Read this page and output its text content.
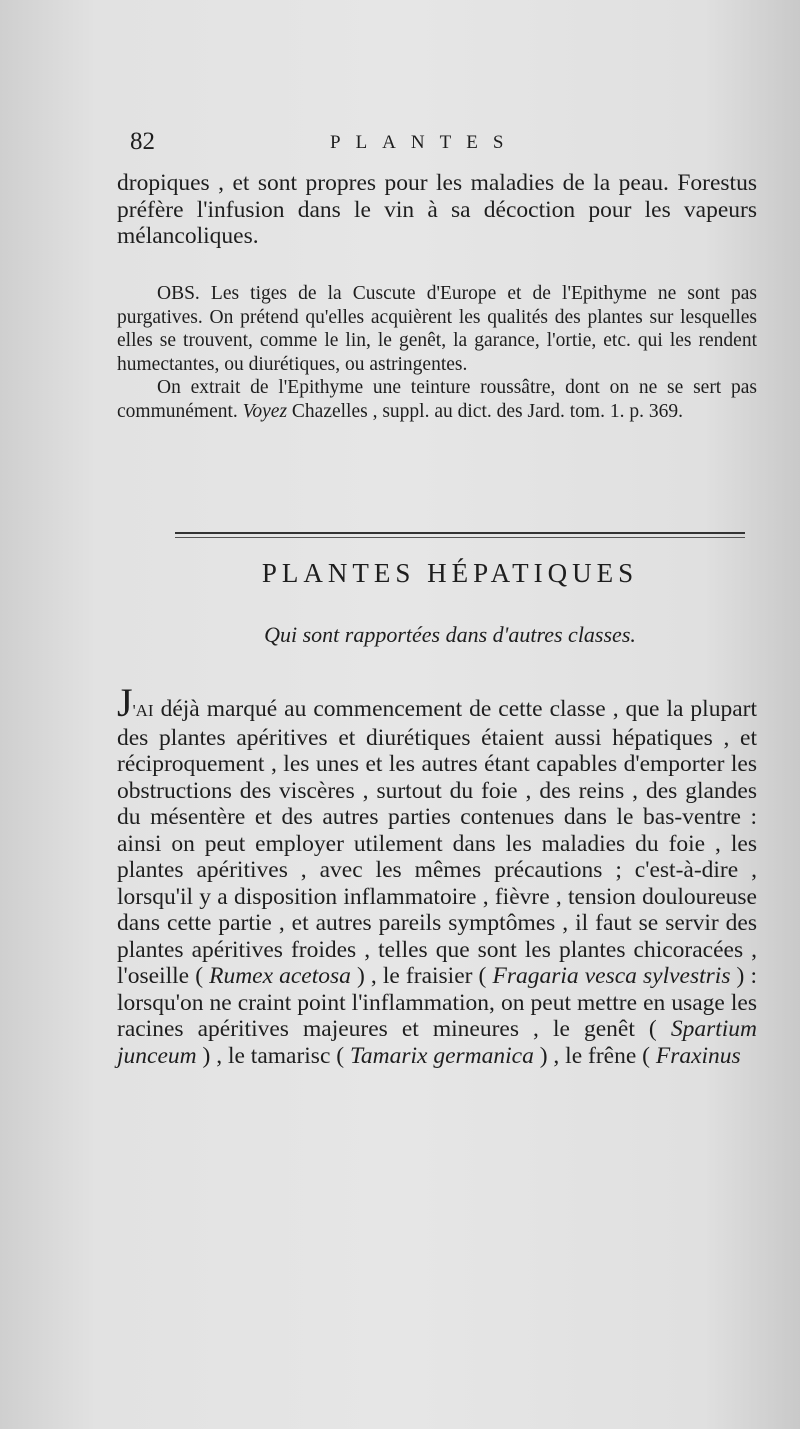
82	PLANTES

dropiques , et sont propres pour les maladies de la peau. Forestus préfère l'infusion dans le vin à sa décoction pour les vapeurs mélancoliques.

OBS. Les tiges de la Cuscute d'Europe et de l'Epithyme ne sont pas purgatives. On prétend qu'elles acquièrent les qualités des plantes sur lesquelles elles se trouvent, comme le lin, le genêt, la garance, l'ortie, etc. qui les rendent humectantes, ou diurétiques, ou astringentes.

On extrait de l'Epithyme une teinture roussâtre, dont on ne se sert pas communément. Voyez Chazelles , suppl. au dict. des Jard. tom. 1. p. 369.

PLANTES HÉPATIQUES
Qui sont rapportées dans d'autres classes.

J'AI déjà marqué au commencement de cette classe , que la plupart des plantes apéritives et diurétiques étaient aussi hépatiques , et réciproquement , les unes et les autres étant capables d'emporter les obstructions des viscères , surtout du foie , des reins , des glandes du mésentère et des autres parties contenues dans le bas-ventre : ainsi on peut employer utilement dans les maladies du foie , les plantes apéritives , avec les mêmes précautions ; c'est-à-dire , lorsqu'il y a disposition inflammatoire , fièvre , tension douloureuse dans cette partie , et autres pareils symptômes , il faut se servir des plantes apéritives froides , telles que sont les plantes chicoracées , l'oseille ( Rumex acetosa ) , le fraisier ( Fragaria vesca sylvestris ) : lorsqu'on ne craint point l'inflammation, on peut mettre en usage les racines apéritives majeures et mineures , le genêt ( Spartium junceum ) , le tamarisc ( Tamarix germanica ) , le frêne ( Fraxinus
